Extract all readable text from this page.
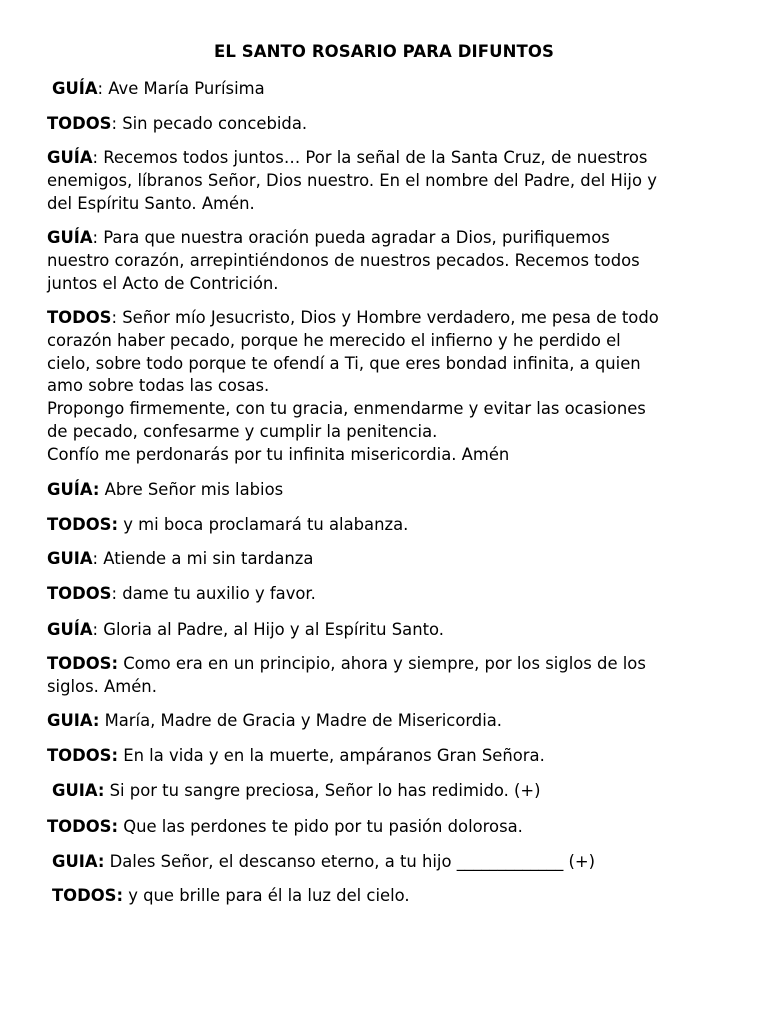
EL SANTO ROSARIO PARA DIFUNTOS
GUÍA: Ave María Purísima
TODOS: Sin pecado concebida.
GUÍA: Recemos todos juntos… Por la señal de la Santa Cruz, de nuestros
enemigos, líbranos Señor, Dios nuestro. En el nombre del Padre, del Hijo y
del Espíritu Santo. Amén.
GUÍA: Para que nuestra oración pueda agradar a Dios, purifiquemos
nuestro corazón, arrepintiéndonos de nuestros pecados. Recemos todos
juntos el Acto de Contrición.
TODOS: Señor mío Jesucristo, Dios y Hombre verdadero, me pesa de todo
corazón haber pecado, porque he merecido el infierno y he perdido el
cielo, sobre todo porque te ofendí a Ti, que eres bondad infinita, a quien
amo sobre todas las cosas.
Propongo firmemente, con tu gracia, enmendarme y evitar las ocasiones
de pecado, confesarme y cumplir la penitencia.
Confío me perdonarás por tu infinita misericordia. Amén
GUÍA: Abre Señor mis labios
TODOS: y mi boca proclamará tu alabanza.
GUIA: Atiende a mi sin tardanza
TODOS: dame tu auxilio y favor.
GUÍA: Gloria al Padre, al Hijo y al Espíritu Santo.
TODOS: Como era en un principio, ahora y siempre, por los siglos de los
siglos. Amén.
GUIA: María, Madre de Gracia y Madre de Misericordia.
TODOS: En la vida y en la muerte, ampáranos Gran Señora.
GUIA: Si por tu sangre preciosa, Señor lo has redimido. (+)
TODOS: Que las perdones te pido por tu pasión dolorosa.
GUIA: Dales Señor, el descanso eterno, a tu hijo _____________ (+)
TODOS: y que brille para él la luz del cielo.
